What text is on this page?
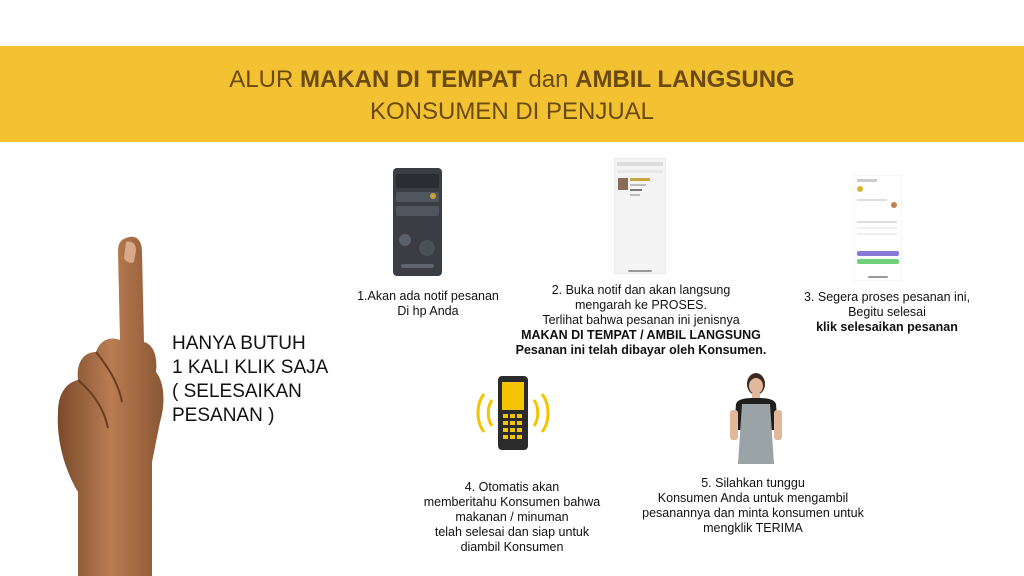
ALUR MAKAN DI TEMPAT dan AMBIL LANGSUNG
KONSUMEN DI PENJUAL
HANYA BUTUH
1 KALI KLIK SAJA
( SELESAIKAN
PESANAN )
1.Akan ada notif pesanan
Di hp Anda
2. Buka notif dan akan langsung
mengarah ke PROSES.
Terlihat bahwa pesanan ini jenisnya
MAKAN DI TEMPAT / AMBIL LANGSUNG
Pesanan ini telah dibayar oleh Konsumen.
3. Segera proses pesanan ini,
Begitu selesai
klik selesaikan pesanan
4. Otomatis akan
memberitahu Konsumen bahwa
makanan / minuman
telah selesai dan siap untuk
diambil Konsumen
5. Silahkan tunggu
Konsumen Anda untuk mengambil
pesanannya dan minta konsumen untuk
mengklik TERIMA
